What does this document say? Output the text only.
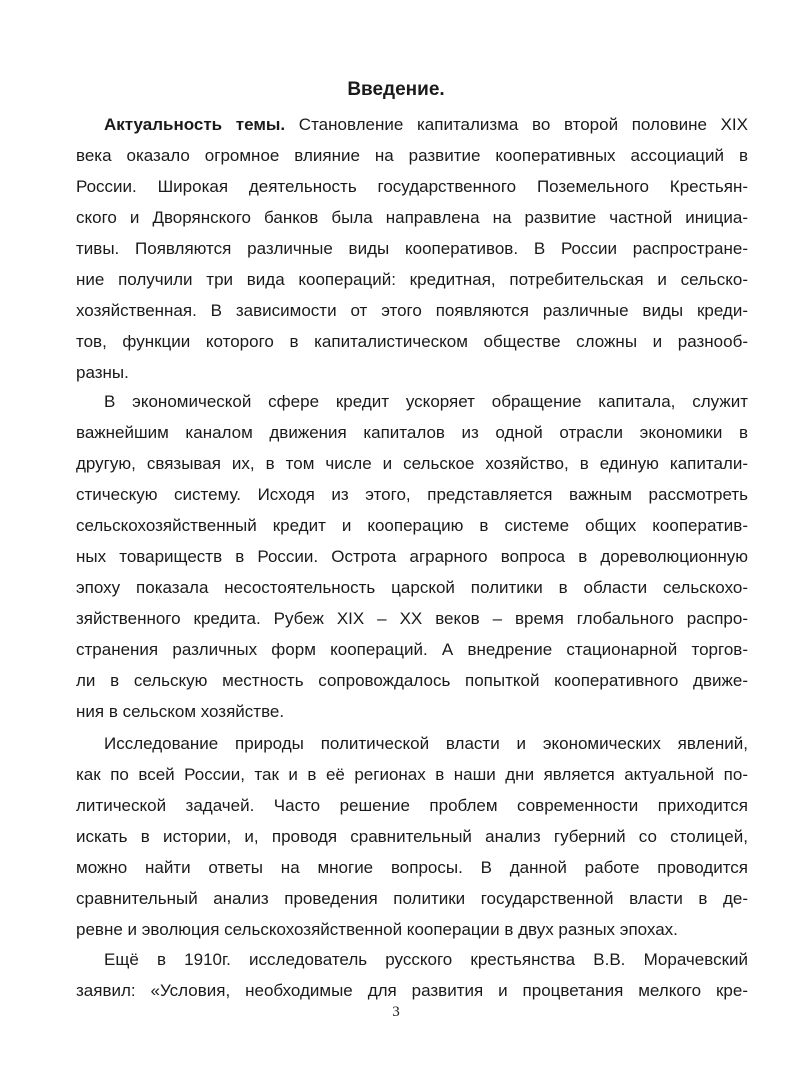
Введение.
Актуальность темы. Становление капитализма во второй половине XIX
века оказало огромное влияние на развитие кооперативных ассоциаций в
России. Широкая деятельность государственного Поземельного Крестьян-
ского и Дворянского банков была направлена на развитие частной инициа-
тивы. Появляются различные виды кооперативов. В России распростране-
ние получили три вида коопераций: кредитная, потребительская и сельско-
хозяйственная. В зависимости от этого появляются различные виды креди-
тов, функции которого в капиталистическом обществе сложны и разнооб-
разны.
В экономической сфере кредит ускоряет обращение капитала, служит
важнейшим каналом движения капиталов из одной отрасли экономики в
другую, связывая их, в том числе и сельское хозяйство, в единую капитали-
стическую систему. Исходя из этого, представляется важным рассмотреть
сельскохозяйственный кредит и кооперацию в системе общих кооператив-
ных товариществ в России. Острота аграрного вопроса в дореволюционную
эпоху показала несостоятельность царской политики в области сельскохо-
зяйственного кредита. Рубеж XIX – XX веков – время глобального распро-
странения различных форм коопераций. А внедрение стационарной торгов-
ли в сельскую местность сопровождалось попыткой кооперативного движе-
ния в сельском хозяйстве.
Исследование природы политической власти и экономических явлений,
как по всей России, так и в её регионах в наши дни является актуальной по-
литической задачей. Часто решение проблем современности приходится
искать в истории, и, проводя сравнительный анализ губерний со столицей,
можно найти ответы на многие вопросы. В данной работе проводится
сравнительный анализ проведения политики государственной власти в де-
ревне и эволюция сельскохозяйственной кооперации в двух разных эпохах.
Ещё в 1910г. исследователь русского крестьянства В.В. Морачевский
заявил: «Условия, необходимые для развития и процветания мелкого кре-
3
